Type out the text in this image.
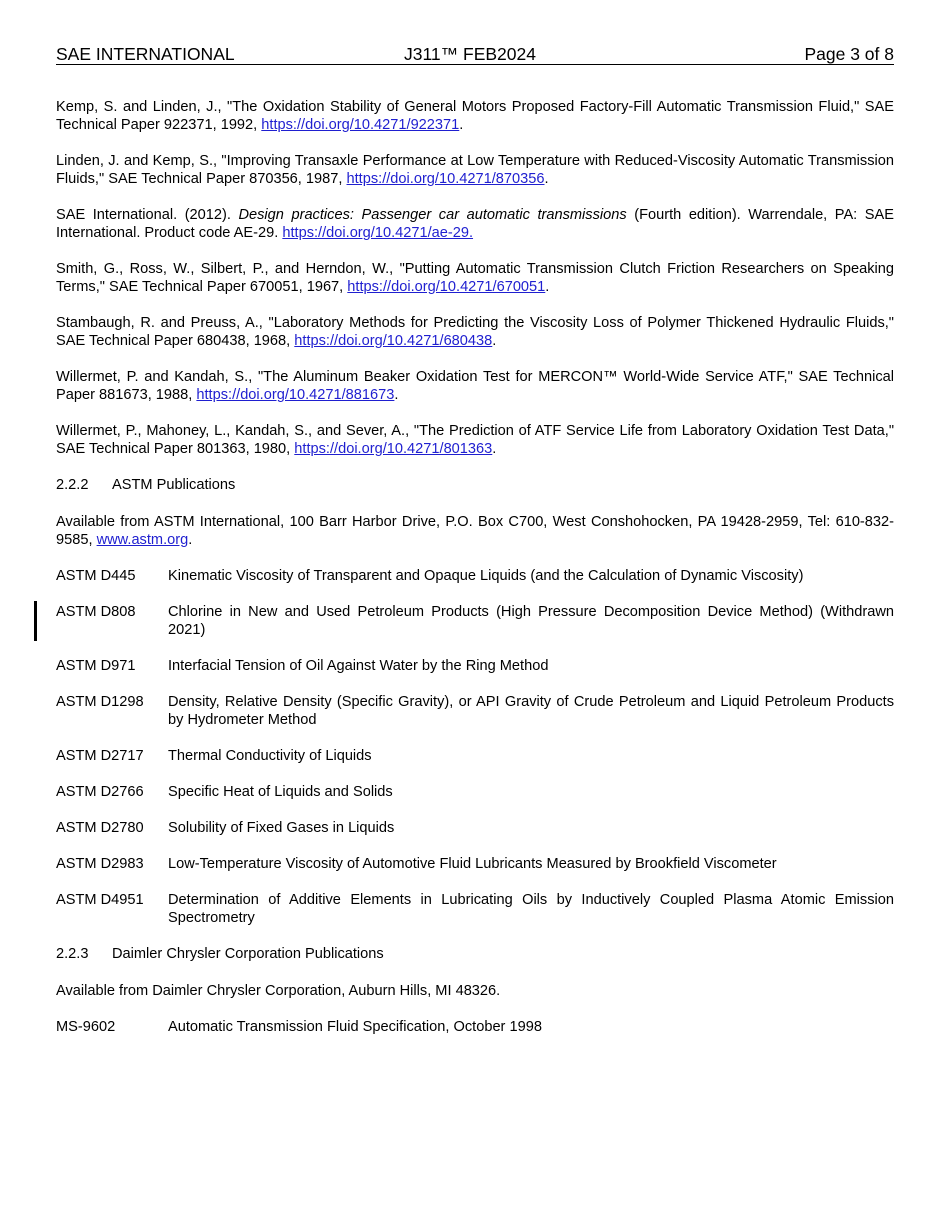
SAE INTERNATIONAL	J311™ FEB2024	Page 3 of 8

Kemp, S. and Linden, J., "The Oxidation Stability of General Motors Proposed Factory-Fill Automatic Transmission Fluid," SAE Technical Paper 922371, 1992, https://doi.org/10.4271/922371.

Linden, J. and Kemp, S., "Improving Transaxle Performance at Low Temperature with Reduced-Viscosity Automatic Transmission Fluids," SAE Technical Paper 870356, 1987, https://doi.org/10.4271/870356.

SAE International. (2012). Design practices: Passenger car automatic transmissions (Fourth edition). Warrendale, PA: SAE International. Product code AE-29. https://doi.org/10.4271/ae-29.

Smith, G., Ross, W., Silbert, P., and Herndon, W., "Putting Automatic Transmission Clutch Friction Researchers on Speaking Terms," SAE Technical Paper 670051, 1967, https://doi.org/10.4271/670051.

Stambaugh, R. and Preuss, A., "Laboratory Methods for Predicting the Viscosity Loss of Polymer Thickened Hydraulic Fluids," SAE Technical Paper 680438, 1968, https://doi.org/10.4271/680438.

Willermet, P. and Kandah, S., "The Aluminum Beaker Oxidation Test for MERCON™ World-Wide Service ATF," SAE Technical Paper 881673, 1988, https://doi.org/10.4271/881673.

Willermet, P., Mahoney, L., Kandah, S., and Sever, A., "The Prediction of ATF Service Life from Laboratory Oxidation Test Data," SAE Technical Paper 801363, 1980, https://doi.org/10.4271/801363.

2.2.2 ASTM Publications

Available from ASTM International, 100 Barr Harbor Drive, P.O. Box C700, West Conshohocken, PA 19428-2959, Tel: 610-832-9585, www.astm.org.

ASTM D445	Kinematic Viscosity of Transparent and Opaque Liquids (and the Calculation of Dynamic Viscosity)
ASTM D808	Chlorine in New and Used Petroleum Products (High Pressure Decomposition Device Method) (Withdrawn 2021)
ASTM D971	Interfacial Tension of Oil Against Water by the Ring Method
ASTM D1298	Density, Relative Density (Specific Gravity), or API Gravity of Crude Petroleum and Liquid Petroleum Products by Hydrometer Method
ASTM D2717	Thermal Conductivity of Liquids
ASTM D2766	Specific Heat of Liquids and Solids
ASTM D2780	Solubility of Fixed Gases in Liquids
ASTM D2983	Low-Temperature Viscosity of Automotive Fluid Lubricants Measured by Brookfield Viscometer
ASTM D4951	Determination of Additive Elements in Lubricating Oils by Inductively Coupled Plasma Atomic Emission Spectrometry
2.2.3 Daimler Chrysler Corporation Publications

Available from Daimler Chrysler Corporation, Auburn Hills, MI 48326.

MS-9602	Automatic Transmission Fluid Specification, October 1998
